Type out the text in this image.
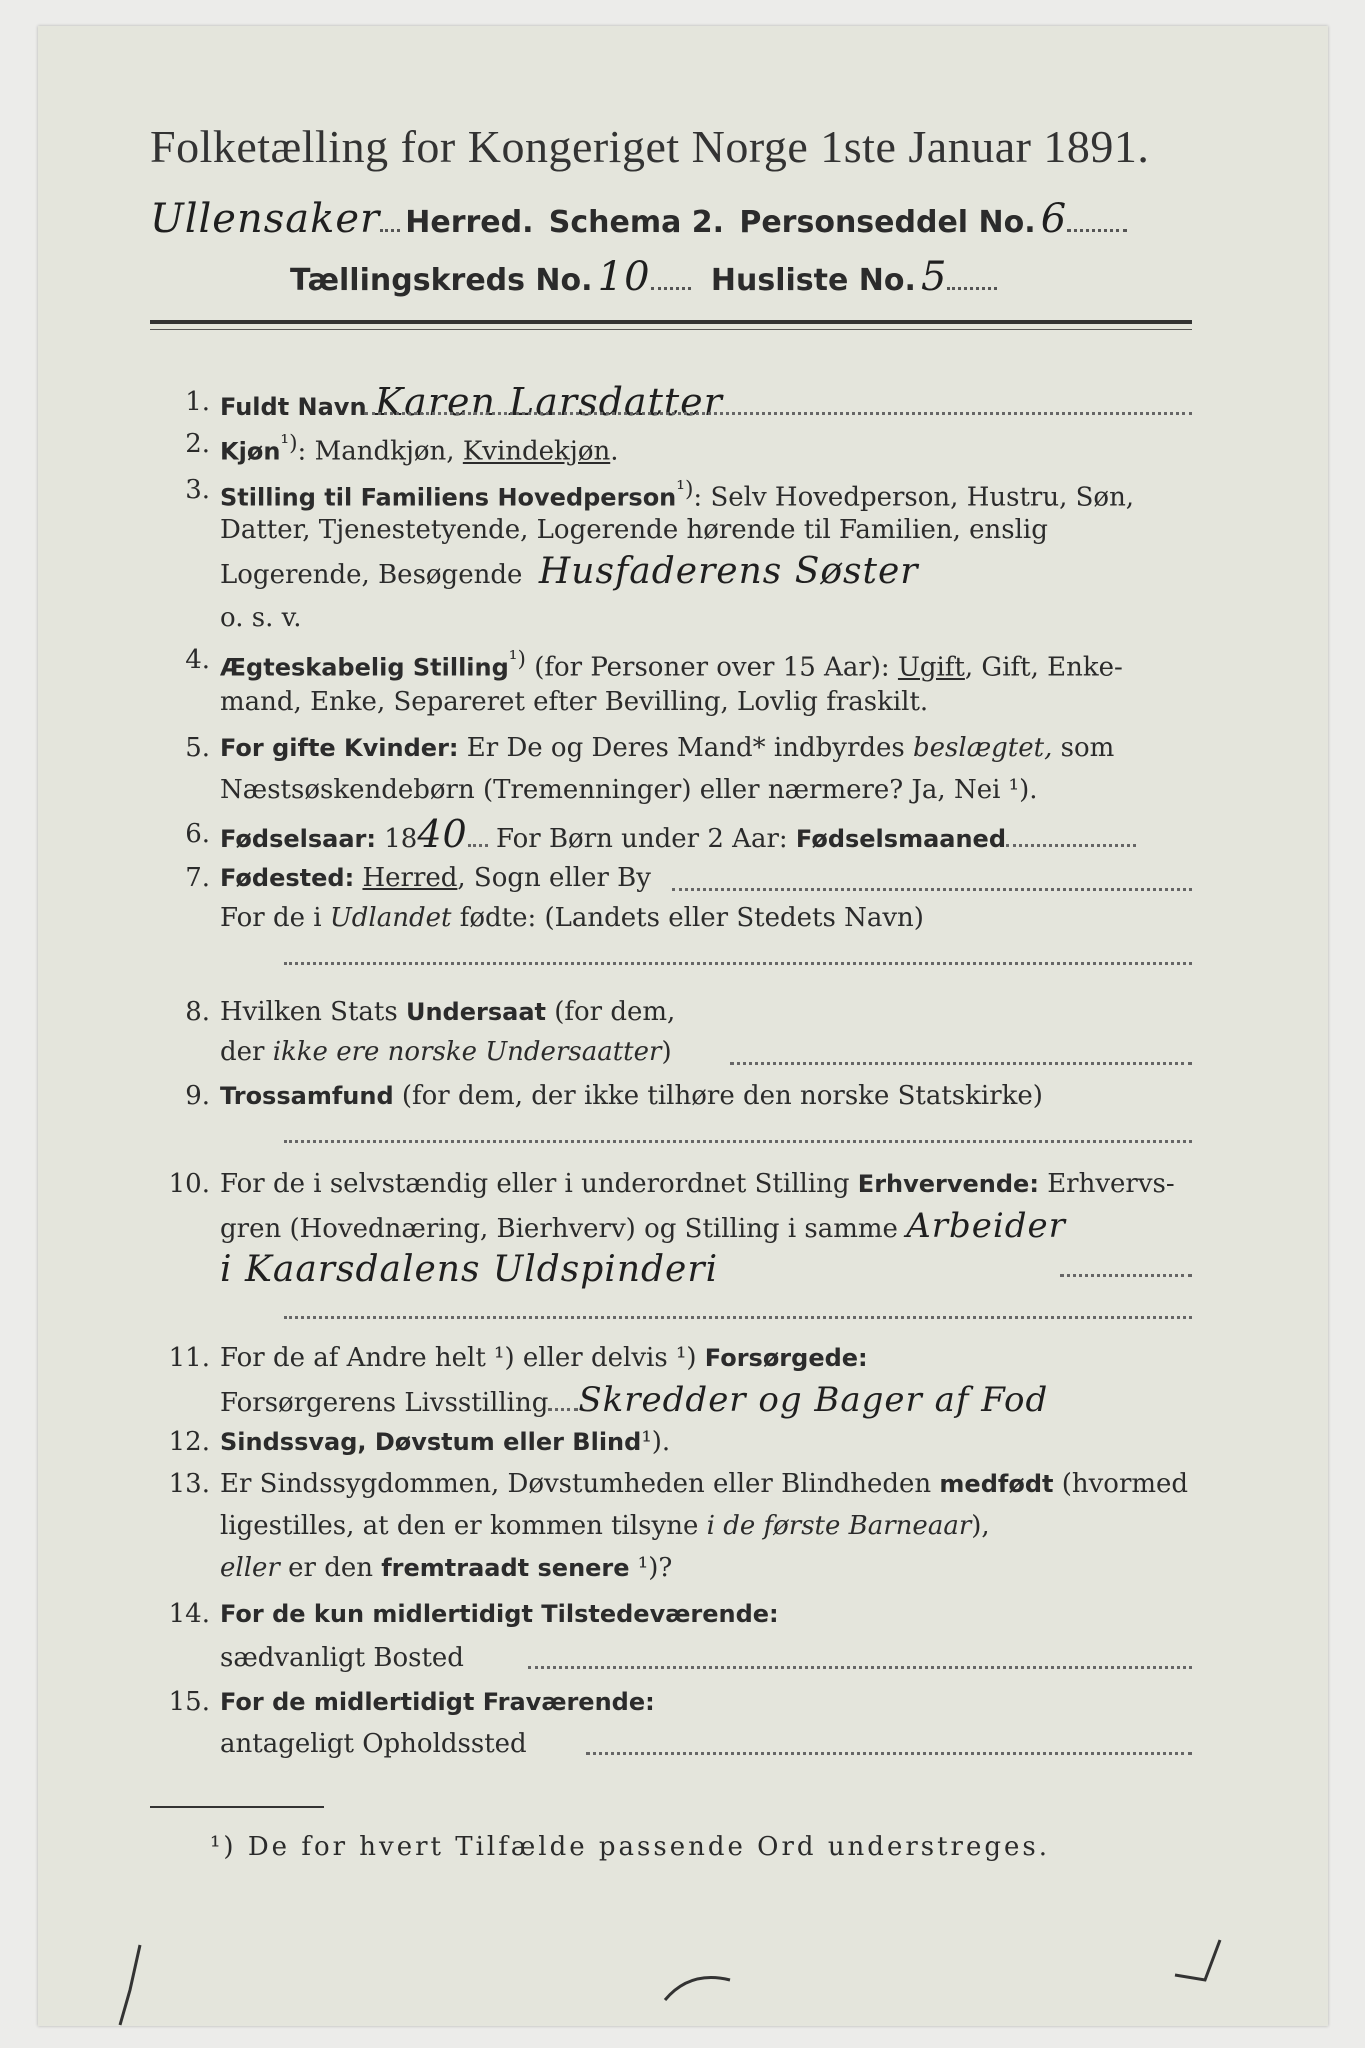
Folketælling for Kongeriget Norge 1ste Januar 1891.
Ullensaker Herred. Schema 2. Personseddel No. 6
Tællingskreds No. 10 Husliste No. 5
1. Fuldt Navn Karen Larsdatter
2. Kjøn$^{^1)}$: Mandkjøn, Kvindekjøn.
3. Stilling til Familiens Hovedperson$^{^1)}$: Selv Hovedperson, Hustru, Søn,
Datter, Tjenestetyende, Logerende hørende til Familien, enslig
Logerende, Besøgende Husfaderens Søster
o. s. v.
4. Ægteskabelig Stilling$^{^1)}$ (for Personer over 15 Aar): Ugift, Gift, Enke-
mand, Enke, Separeret efter Bevilling, Lovlig fraskilt.
5. For gifte Kvinder: Er De og Deres Mand* indbyrdes beslægtet, som
Næstsøskendebørn (Tremenninger) eller nærmere? Ja, Nei ¹).
6. Fødselsaar: 1840 For Børn under 2 Aar: Fødselsmaaned
7. Fødested: Herred, Sogn eller By
For de i Udlandet fødte: (Landets eller Stedets Navn)
8. Hvilken Stats Undersaat (for dem,
der ikke ere norske Undersaatter)
9. Trossamfund (for dem, der ikke tilhøre den norske Statskirke)
10. For de i selvstændig eller i underordnet Stilling Erhvervende: Erhvervs-
gren (Hovednæring, Bierhverv) og Stilling i samme Arbeider
i Kaarsdalens Uldspinderi
11. For de af Andre helt ¹) eller delvis ¹) Forsørgede:
Forsørgerens Livsstilling Skredder og Bager af Fod
12. Sindssvag, Døvstum eller Blind¹).
13. Er Sindssygdommen, Døvstumheden eller Blindheden medfødt (hvormed
ligestilles, at den er kommen tilsyne i de første Barneaar),
eller er den fremtraadt senere ¹)?
14. For de kun midlertidigt Tilstedeværende:
sædvanligt Bosted
15. For de midlertidigt Fraværende:
antageligt Opholdssted
¹) De for hvert Tilfælde passende Ord understreges.
